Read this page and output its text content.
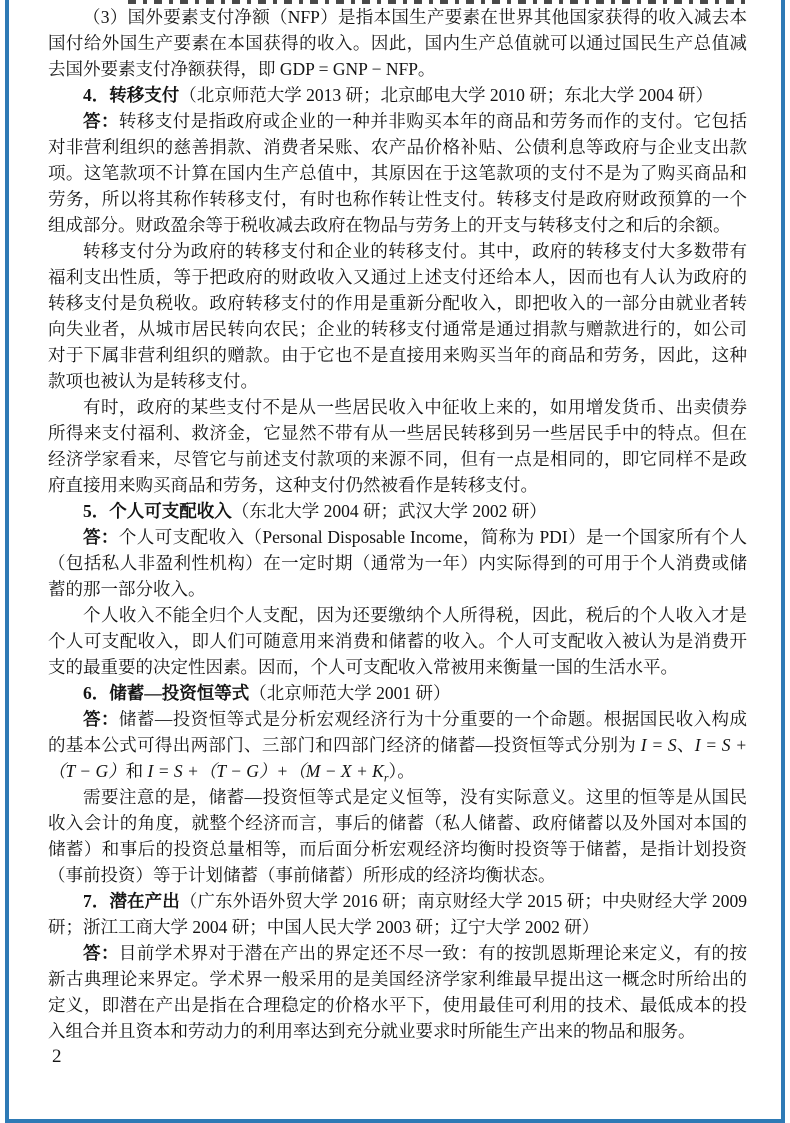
（3）国外要素支付净额（NFP）是指本国生产要素在世界其他国家获得的收入减去本国付给外国生产要素在本国获得的收入。因此，国内生产总值就可以通过国民生产总值减去国外要素支付净额获得，即 GDP = GNP − NFP。

4．转移支付（北京师范大学 2013 研；北京邮电大学 2010 研；东北大学 2004 研）

答：转移支付是指政府或企业的一种并非购买本年的商品和劳务而作的支付。它包括对非营利组织的慈善捐款、消费者呆账、农产品价格补贴、公债利息等政府与企业支出款项。这笔款项不计算在国内生产总值中，其原因在于这笔款项的支付不是为了购买商品和劳务，所以将其称作转移支付，有时也称作转让性支付。转移支付是政府财政预算的一个组成部分。财政盈余等于税收减去政府在物品与劳务上的开支与转移支付之和后的余额。

转移支付分为政府的转移支付和企业的转移支付。其中，政府的转移支付大多数带有福利支出性质，等于把政府的财政收入又通过上述支付还给本人，因而也有人认为政府的转移支付是负税收。政府转移支付的作用是重新分配收入，即把收入的一部分由就业者转向失业者，从城市居民转向农民；企业的转移支付通常是通过捐款与赠款进行的，如公司对于下属非营利组织的赠款。由于它也不是直接用来购买当年的商品和劳务，因此，这种款项也被认为是转移支付。

有时，政府的某些支付不是从一些居民收入中征收上来的，如用增发货币、出卖债券所得来支付福利、救济金，它显然不带有从一些居民转移到另一些居民手中的特点。但在经济学家看来，尽管它与前述支付款项的来源不同，但有一点是相同的，即它同样不是政府直接用来购买商品和劳务，这种支付仍然被看作是转移支付。

5．个人可支配收入（东北大学 2004 研；武汉大学 2002 研）

答：个人可支配收入（Personal Disposable Income，简称为 PDI）是一个国家所有个人（包括私人非盈利性机构）在一定时期（通常为一年）内实际得到的可用于个人消费或储蓄的那一部分收入。

个人收入不能全归个人支配，因为还要缴纳个人所得税，因此，税后的个人收入才是个人可支配收入，即人们可随意用来消费和储蓄的收入。个人可支配收入被认为是消费开支的最重要的决定性因素。因而，个人可支配收入常被用来衡量一国的生活水平。

6．储蓄—投资恒等式（北京师范大学 2001 研）

答：储蓄—投资恒等式是分析宏观经济行为十分重要的一个命题。根据国民收入构成的基本公式可得出两部门、三部门和四部门经济的储蓄—投资恒等式分别为 I = S、I = S +（T − G）和 $I = S +(T - G)+(M - X + K_r)$。

需要注意的是，储蓄—投资恒等式是定义恒等，没有实际意义。这里的恒等是从国民收入会计的角度，就整个经济而言，事后的储蓄（私人储蓄、政府储蓄以及外国对本国的储蓄）和事后的投资总量相等，而后面分析宏观经济均衡时投资等于储蓄，是指计划投资（事前投资）等于计划储蓄（事前储蓄）所形成的经济均衡状态。

7．潜在产出（广东外语外贸大学 2016 研；南京财经大学 2015 研；中央财经大学 2009 研；浙江工商大学 2004 研；中国人民大学 2003 研；辽宁大学 2002 研）

答：目前学术界对于潜在产出的界定还不尽一致：有的按凯恩斯理论来定义，有的按新古典理论来界定。学术界一般采用的是美国经济学家利维最早提出这一概念时所给出的定义，即潜在产出是指在合理稳定的价格水平下，使用最佳可利用的技术、最低成本的投入组合并且资本和劳动力的利用率达到充分就业要求时所能生产出来的物品和服务。

2
